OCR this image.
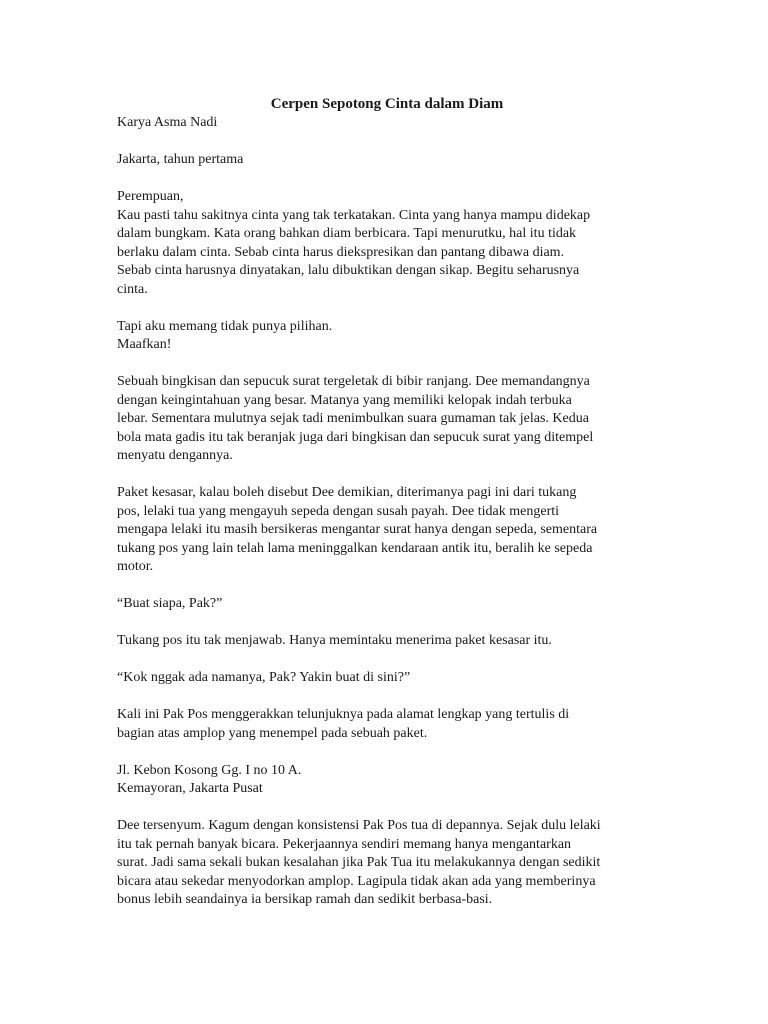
Cerpen Sepotong Cinta dalam Diam

Karya Asma Nadi

Jakarta, tahun pertama

Perempuan,
Kau pasti tahu sakitnya cinta yang tak terkatakan. Cinta yang hanya mampu didekap
dalam bungkam. Kata orang bahkan diam berbicara. Tapi menurutku, hal itu tidak
berlaku dalam cinta. Sebab cinta harus diekspresikan dan pantang dibawa diam.
Sebab cinta harusnya dinyatakan, lalu dibuktikan dengan sikap. Begitu seharusnya
cinta.
Tapi aku memang tidak punya pilihan.
Maafkan!
Sebuah bingkisan dan sepucuk surat tergeletak di bibir ranjang. Dee memandangnya
dengan keingintahuan yang besar. Matanya yang memiliki kelopak indah terbuka
lebar. Sementara mulutnya sejak tadi menimbulkan suara gumaman tak jelas. Kedua
bola mata gadis itu tak beranjak juga dari bingkisan dan sepucuk surat yang ditempel
menyatu dengannya.
Paket kesasar, kalau boleh disebut Dee demikian, diterimanya pagi ini dari tukang
pos, lelaki tua yang mengayuh sepeda dengan susah payah. Dee tidak mengerti
mengapa lelaki itu masih bersikeras mengantar surat hanya dengan sepeda, sementara
tukang pos yang lain telah lama meninggalkan kendaraan antik itu, beralih ke sepeda
motor.
“Buat siapa, Pak?”
Tukang pos itu tak menjawab. Hanya memintaku menerima paket kesasar itu.
“Kok nggak ada namanya, Pak? Yakin buat di sini?”
Kali ini Pak Pos menggerakkan telunjuknya pada alamat lengkap yang tertulis di
bagian atas amplop yang menempel pada sebuah paket.
Jl. Kebon Kosong Gg. I no 10 A.
Kemayoran, Jakarta Pusat
Dee tersenyum. Kagum dengan konsistensi Pak Pos tua di depannya. Sejak dulu lelaki
itu tak pernah banyak bicara. Pekerjaannya sendiri memang hanya mengantarkan
surat. Jadi sama sekali bukan kesalahan jika Pak Tua itu melakukannya dengan sedikit
bicara atau sekedar menyodorkan amplop. Lagipula tidak akan ada yang memberinya
bonus lebih seandainya ia bersikap ramah dan sedikit berbasa-basi.
